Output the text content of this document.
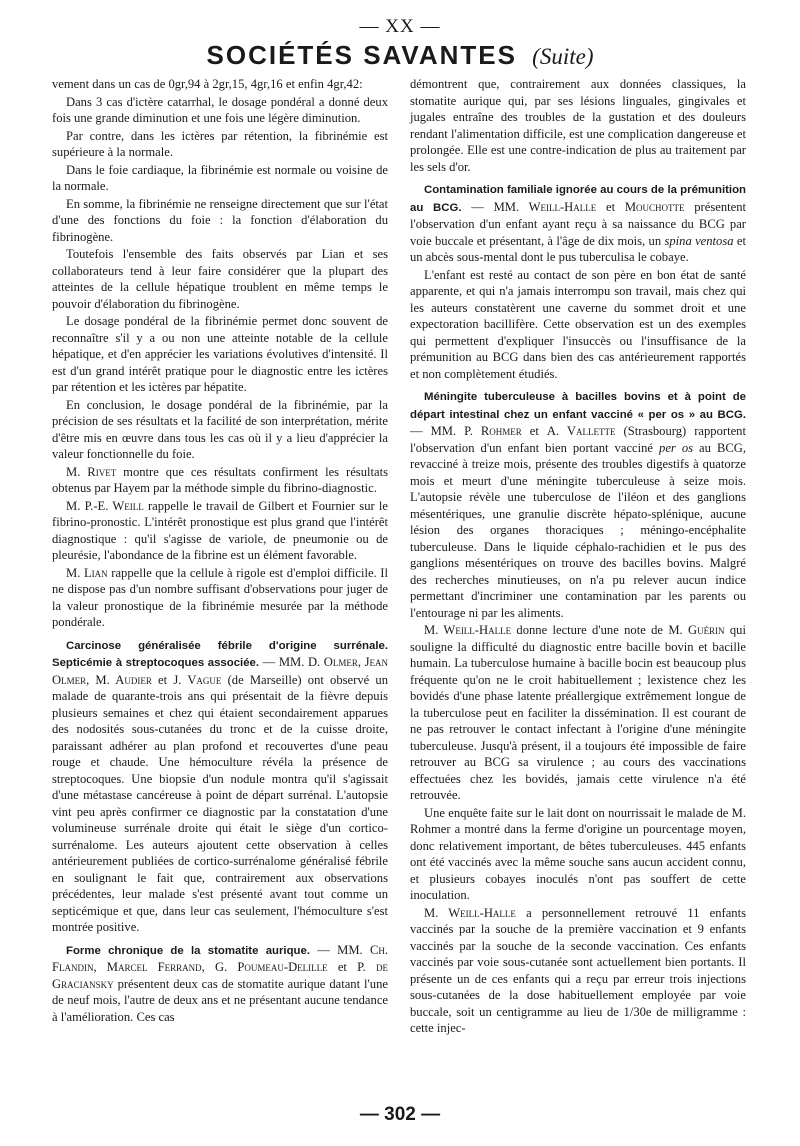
— XX —
SOCIÉTÉS SAVANTES (Suite)

vement dans un cas de 0gr,94 à 2gr,15, 4gr,16 et enfin 4gr,42:

Dans 3 cas d'ictère catarrhal, le dosage pondéral a donné deux fois une grande diminution et une fois une légère diminution.

Par contre, dans les ictères par rétention, la fibrinémie est supérieure à la normale.

Dans le foie cardiaque, la fibrinémie est normale ou voisine de la normale.

En somme, la fibrinémie ne renseigne directement que sur l'état d'une des fonctions du foie : la fonction d'élaboration du fibrinogène.

Toutefois l'ensemble des faits observés par Lian et ses collaborateurs tend à leur faire considérer que la plupart des atteintes de la cellule hépatique troublent en même temps le pouvoir d'élaboration du fibrinogène.

Le dosage pondéral de la fibrinémie permet donc souvent de reconnaître s'il y a ou non une atteinte notable de la cellule hépatique, et d'en apprécier les variations évolutives d'intensité. Il est d'un grand intérêt pratique pour le diagnostic entre les ictères par rétention et les ictères par hépatite.

En conclusion, le dosage pondéral de la fibrinémie, par la précision de ses résultats et la facilité de son interprétation, mérite d'être mis en œuvre dans tous les cas où il y a lieu d'apprécier la valeur fonctionnelle du foie.

M. Rivet montre que ces résultats confirment les résultats obtenus par Hayem par la méthode simple du fibrino-diagnostic.

M. P.-E. Weill rappelle le travail de Gilbert et Fournier sur le fibrino-pronostic. L'intérêt pronostique est plus grand que l'intérêt diagnostique : qu'il s'agisse de variole, de pneumonie ou de pleurésie, l'abondance de la fibrine est un élément favorable.

M. Lian rappelle que la cellule à rigole est d'emploi difficile. Il ne dispose pas d'un nombre suffisant d'observations pour juger de la valeur pronostique de la fibrinémie mesurée par la méthode pondérale.

Carcinose généralisée fébrile d'origine surrénale. Septicémie à streptocoques associée. — MM. D. Olmer, Jean Olmer, M. Audier et J. Vague (de Marseille) ont observé un malade de quarante-trois ans qui présentait de la fièvre depuis plusieurs semaines et chez qui étaient secondairement apparues des nodosités sous-cutanées du tronc et de la cuisse droite, paraissant adhérer au plan profond et recouvertes d'une peau rouge et chaude. Une hémoculture révéla la présence de streptocoques. Une biopsie d'un nodule montra qu'il s'agissait d'une métastase cancéreuse à point de départ surrénal. L'autopsie vint peu après confirmer ce diagnostic par la constatation d'une volumineuse surrénale droite qui était le siège d'un cortico-surrénalome. Les auteurs ajoutent cette observation à celles antérieurement publiées de cortico-surrénalome généralisé fébrile en soulignant le fait que, contrairement aux observations précédentes, leur malade s'est présenté avant tout comme un septicémique et que, dans leur cas seulement, l'hémoculture s'est montrée positive.

Forme chronique de la stomatite aurique. — MM. Ch. Flandin, Marcel Ferrand, G. Poumeau-Delille et P. de Graciansky présentent deux cas de stomatite aurique datant l'une de neuf mois, l'autre de deux ans et ne présentant aucune tendance à l'amélioration. Ces cas

démontrent que, contrairement aux données classiques, la stomatite aurique qui, par ses lésions linguales, gingivales et jugales entraîne des troubles de la gustation et des douleurs rendant l'alimentation difficile, est une complication dangereuse et prolongée. Elle est une contre-indication de plus au traitement par les sels d'or.

Contamination familiale ignorée au cours de la prémunition au BCG. — MM. Weill-Halle et Mouchotte présentent l'observation d'un enfant ayant reçu à sa naissance du BCG par voie buccale et présentant, à l'âge de dix mois, un spina ventosa et un abcès sous-mental dont le pus tuberculisa le cobaye.

L'enfant est resté au contact de son père en bon état de santé apparente, et qui n'a jamais interrompu son travail, mais chez qui les auteurs constatèrent une caverne du sommet droit et une expectoration bacillifère. Cette observation est un des exemples qui permettent d'expliquer l'insuccès ou l'insuffisance de la prémunition au BCG dans bien des cas antérieurement rapportés et non complètement étudiés.

Méningite tuberculeuse à bacilles bovins et à point de départ intestinal chez un enfant vacciné « per os » au BCG. — MM. P. Rohmer et A. Vallette (Strasbourg) rapportent l'observation d'un enfant bien portant vacciné per os au BCG, revacciné à treize mois, présente des troubles digestifs à quatorze mois et meurt d'une méningite tuberculeuse à seize mois. L'autopsie révèle une tuberculose de l'iléon et des ganglions mésentériques, une granulie discrète hépato-splénique, aucune lésion des organes thoraciques ; méningo-encéphalite tuberculeuse. Dans le liquide céphalo-rachidien et le pus des ganglions mésentériques on trouve des bacilles bovins. Malgré des recherches minutieuses, on n'a pu relever aucun indice permettant d'incriminer une contamination par les parents ou l'entourage ni par les aliments.

M. Weill-Halle donne lecture d'une note de M. Guérin qui souligne la difficulté du diagnostic entre bacille bovin et bacille humain. La tuberculose humaine à bacille bocin est beaucoup plus fréquente qu'on ne le croit habituellement ; lexistence chez les bovidés d'une phase latente préallergique extrêmement longue de la tuberculose peut en faciliter la dissémination. Il est courant de ne pas retrouver le contact infectant à l'origine d'une méningite tuberculeuse. Jusqu'à présent, il a toujours été impossible de faire retrouver au BCG sa virulence ; au cours des vaccinations effectuées chez les bovidés, jamais cette virulence n'a été retrouvée.

Une enquête faite sur le lait dont on nourrissait le malade de M. Rohmer a montré dans la ferme d'origine un pourcentage moyen, donc relativement important, de bêtes tuberculeuses. 445 enfants ont été vaccinés avec la même souche sans aucun accident connu, et plusieurs cobayes inoculés n'ont pas souffert de cette inoculation.

M. Weill-Halle a personnellement retrouvé 11 enfants vaccinés par la souche de la première vaccination et 9 enfants vaccinés par la souche de la seconde vaccination. Ces enfants vaccinés par voie sous-cutanée sont actuellement bien portants. Il présente un de ces enfants qui a reçu par erreur trois injections sous-cutanées de la dose habituellement employée par voie buccale, soit un centigramme au lieu de 1/30e de milligramme : cette injec-

— 302 —
